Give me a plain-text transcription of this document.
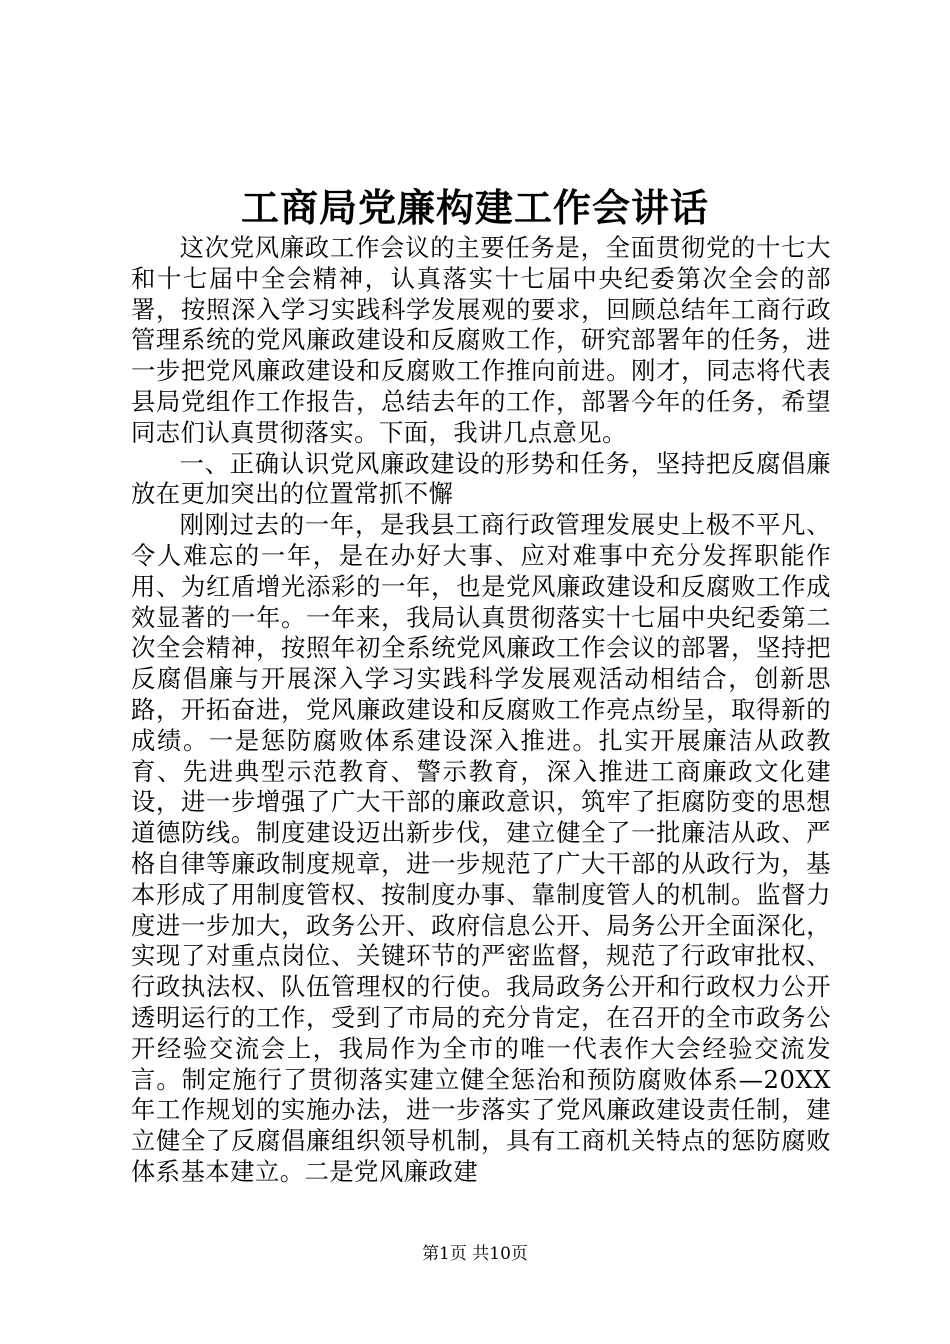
工商局党廉构建工作会讲话

这次党风廉政工作会议的主要任务是，全面贯彻党的十七大和十七届中全会精神，认真落实十七届中央纪委第次全会的部署，按照深入学习实践科学发展观的要求，回顾总结年工商行政管理系统的党风廉政建设和反腐败工作，研究部署年的任务，进一步把党风廉政建设和反腐败工作推向前进。刚才，同志将代表县局党组作工作报告，总结去年的工作，部署今年的任务，希望同志们认真贯彻落实。下面，我讲几点意见。

一、正确认识党风廉政建设的形势和任务，坚持把反腐倡廉放在更加突出的位置常抓不懈

刚刚过去的一年，是我县工商行政管理发展史上极不平凡、令人难忘的一年，是在办好大事、应对难事中充分发挥职能作用、为红盾增光添彩的一年，也是党风廉政建设和反腐败工作成效显著的一年。一年来，我局认真贯彻落实十七届中央纪委第二次全会精神，按照年初全系统党风廉政工作会议的部署，坚持把反腐倡廉与开展深入学习实践科学发展观活动相结合，创新思路，开拓奋进，党风廉政建设和反腐败工作亮点纷呈，取得新的成绩。一是惩防腐败体系建设深入推进。扎实开展廉洁从政教育、先进典型示范教育、警示教育，深入推进工商廉政文化建设，进一步增强了广大干部的廉政意识，筑牢了拒腐防变的思想道德防线。制度建设迈出新步伐，建立健全了一批廉洁从政、严格自律等廉政制度规章，进一步规范了广大干部的从政行为，基本形成了用制度管权、按制度办事、靠制度管人的机制。监督力度进一步加大，政务公开、政府信息公开、局务公开全面深化，实现了对重点岗位、关键环节的严密监督，规范了行政审批权、行政执法权、队伍管理权的行使。我局政务公开和行政权力公开透明运行的工作，受到了市局的充分肯定，在召开的全市政务公开经验交流会上，我局作为全市的唯一代表作大会经验交流发言。制定施行了贯彻落实建立健全惩治和预防腐败体系—20XX年工作规划的实施办法，进一步落实了党风廉政建设责任制，建立健全了反腐倡廉组织领导机制，具有工商机关特点的惩防腐败体系基本建立。二是党风廉政建

第1页 共10页
